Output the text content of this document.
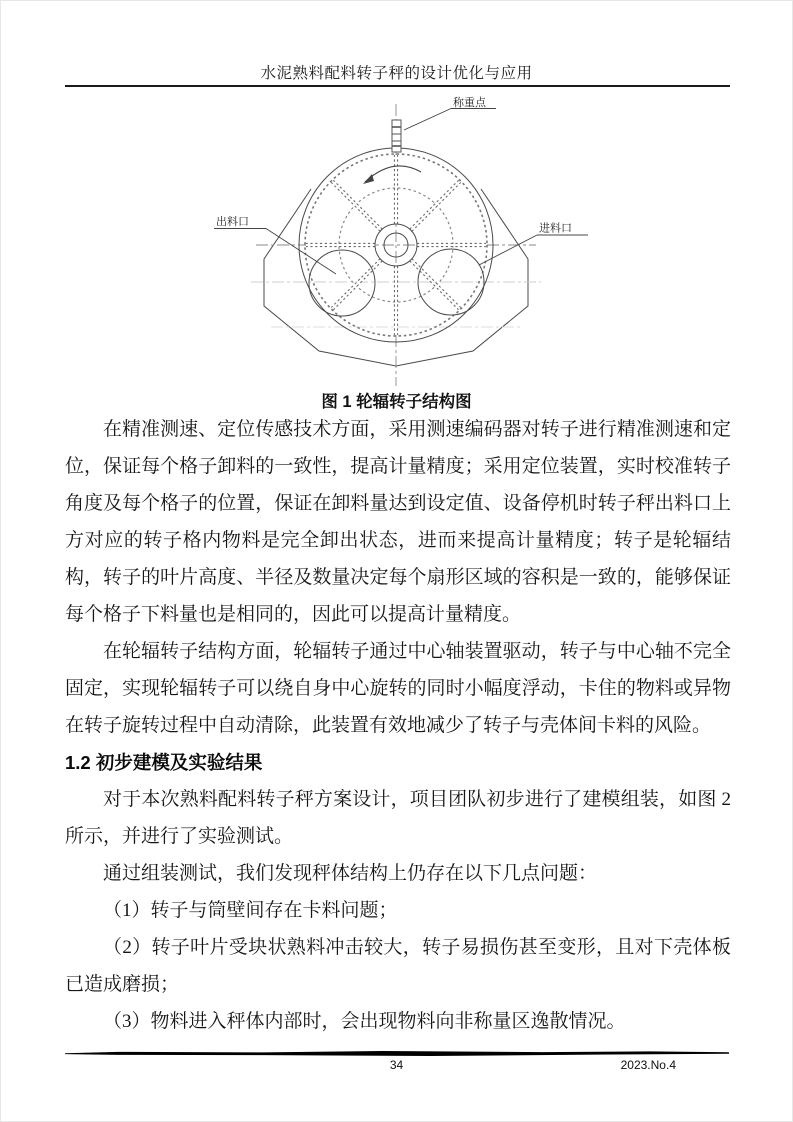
水泥熟料配料转子秤的设计优化与应用
称重点
出料口
进料口
图 1 轮辐转子结构图

在精准测速、定位传感技术方面，采用测速编码器对转子进行精准测速和定位，保证每个格子卸料的一致性，提高计量精度；采用定位装置，实时校准转子角度及每个格子的位置，保证在卸料量达到设定值、设备停机时转子秤出料口上方对应的转子格内物料是完全卸出状态，进而来提高计量精度；转子是轮辐结构，转子的叶片高度、半径及数量决定每个扇形区域的容积是一致的，能够保证每个格子下料量也是相同的，因此可以提高计量精度。

在轮辐转子结构方面，轮辐转子通过中心轴装置驱动，转子与中心轴不完全固定，实现轮辐转子可以绕自身中心旋转的同时小幅度浮动，卡住的物料或异物在转子旋转过程中自动清除，此装置有效地减少了转子与壳体间卡料的风险。

1.2 初步建模及实验结果

对于本次熟料配料转子秤方案设计，项目团队初步进行了建模组装，如图 2所示，并进行了实验测试。

通过组装测试，我们发现秤体结构上仍存在以下几点问题：

（1）转子与筒壁间存在卡料问题；

（2）转子叶片受块状熟料冲击较大，转子易损伤甚至变形，且对下壳体板已造成磨损；

（3）物料进入秤体内部时，会出现物料向非称量区逸散情况。

34	2023.No.4
